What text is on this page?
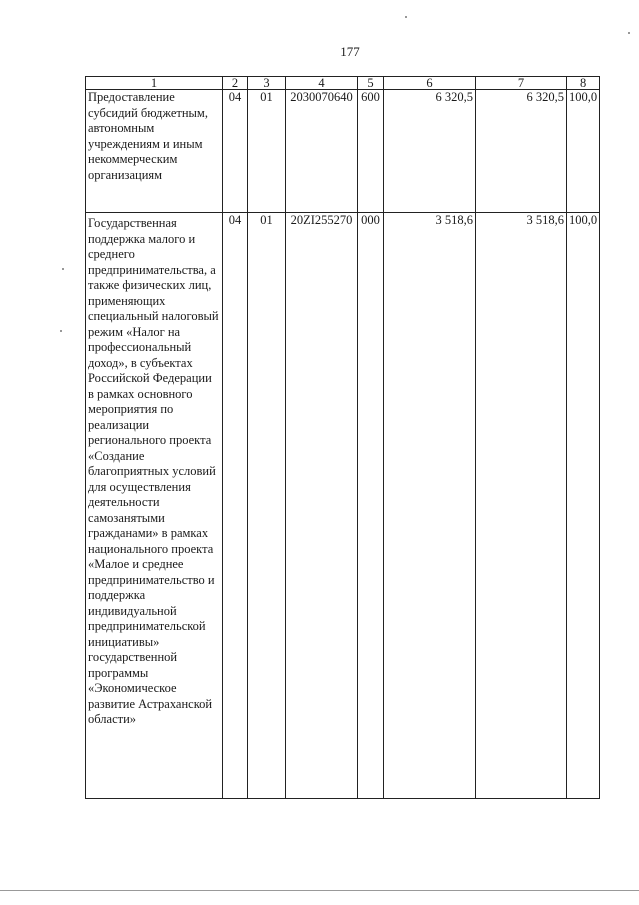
177
1	2	3	4	5	6	7	8
Предоставление субсидий бюджетным, автономным учреждениям и иным некоммерческим организациям	04	01	2030070640	600	6 320,5	6 320,5	100,0
Государственная поддержка малого и среднего предпринимательства, а также физических лиц, применяющих специальный налоговый режим «Налог на профессиональный доход», в субъектах Российской Федерации в рамках основного мероприятия по реализации регионального проекта «Создание благоприятных условий для осуществления деятельности самозанятыми гражданами» в рамках национального проекта «Малое и среднее предпринимательство и поддержка индивидуальной предпринимательской инициативы» государственной программы «Экономическое развитие Астраханской области»	04	01	20ZI255270	000	3 518,6	3 518,6	100,0
